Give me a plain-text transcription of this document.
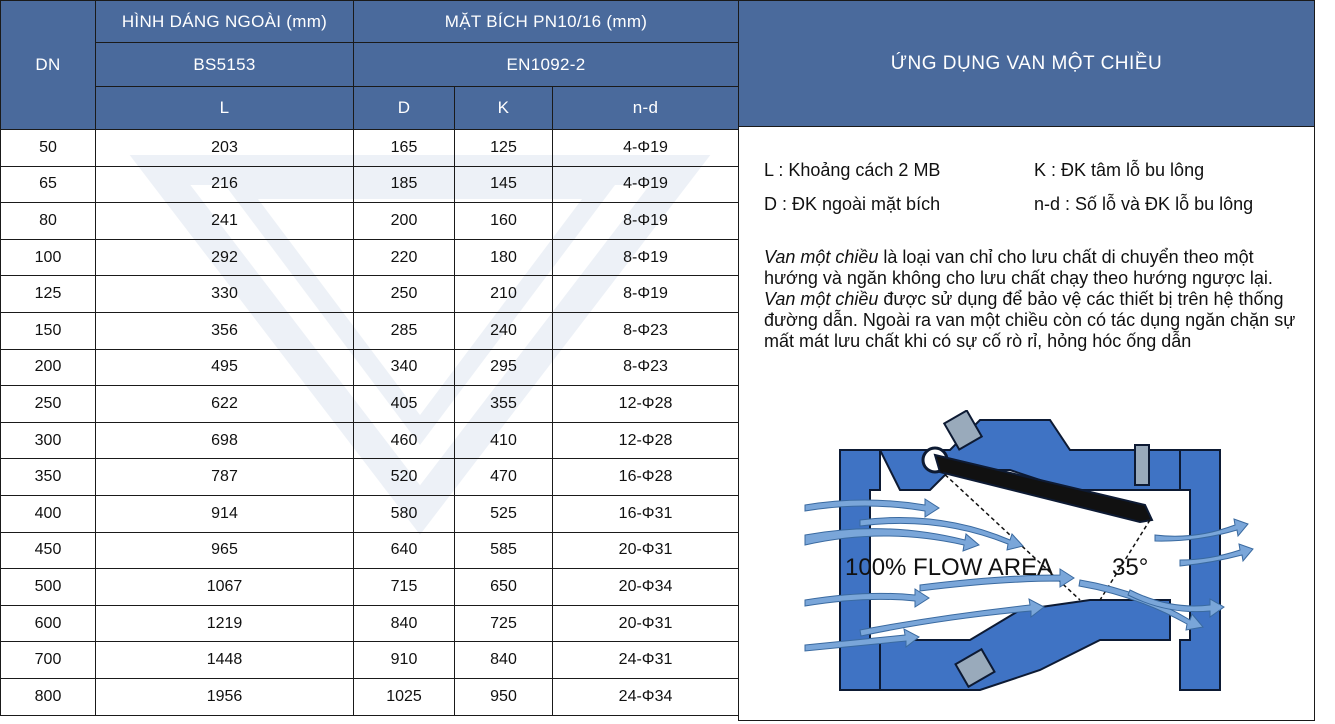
DN	HÌNH DÁNG NGOÀI (mm)	MẶT BÍCH PN10/16 (mm)		
	BS5153	EN1092-2		
	L	D	K	n-d
50	203	165	125	4-Φ19
65	216	185	145	4-Φ19
80	241	200	160	8-Φ19
100	292	220	180	8-Φ19
125	330	250	210	8-Φ19
150	356	285	240	8-Φ23
200	495	340	295	8-Φ23
250	622	405	355	12-Φ28
300	698	460	410	12-Φ28
350	787	520	470	16-Φ28
400	914	580	525	16-Φ31
450	965	640	585	20-Φ31
500	1067	715	650	20-Φ34
600	1219	840	725	20-Φ31
700	1448	910	840	24-Φ31
800	1956	1025	950	24-Φ34
ỨNG DỤNG VAN MỘT CHIỀU
L : Khoảng cách 2 MB	K : ĐK tâm lỗ bu lông
D : ĐK ngoài mặt bích	n-d : Số lỗ và ĐK lỗ bu lông

Van một chiều là loại van chỉ cho lưu chất di chuyển theo một hướng và ngăn không cho lưu chất chạy theo hướng ngược lại.

Van một chiều được sử dụng để bảo vệ các thiết bị trên hệ thống đường dẫn. Ngoài ra van một chiều còn có tác dụng ngăn chặn sự mất mát lưu chất khi có sự cố rò rỉ, hỏng hóc ống dẫn

100% FLOW AREA 35°
